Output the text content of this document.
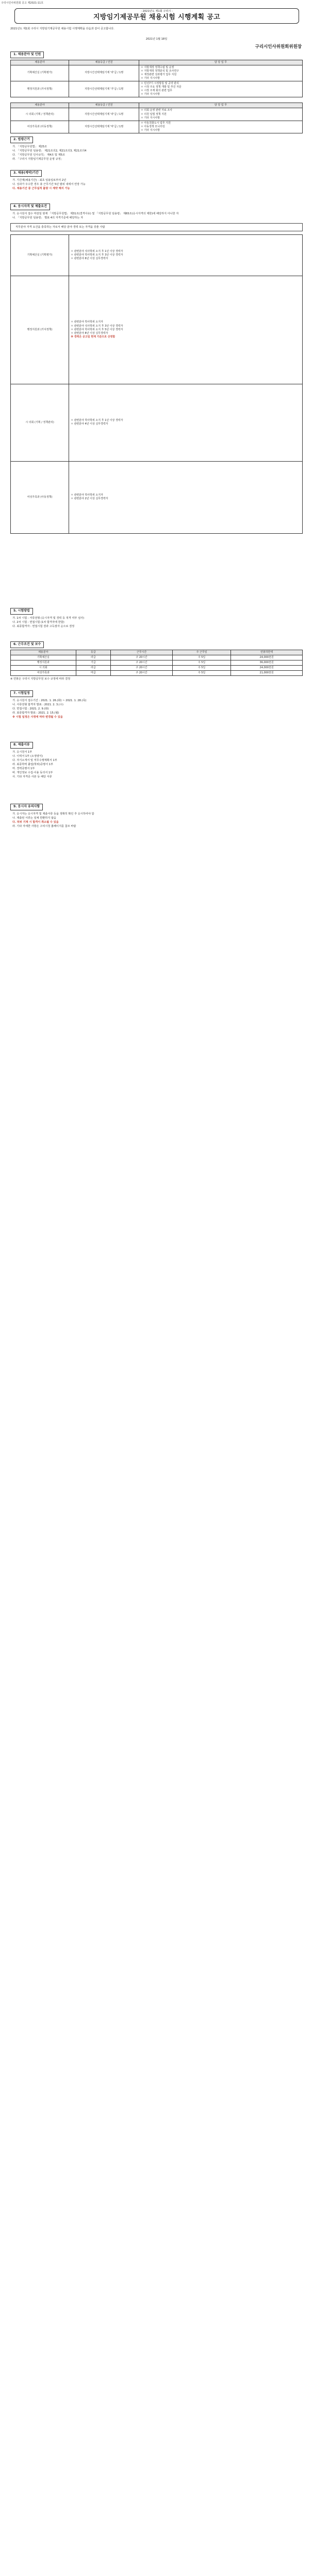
구리시인사위원회 공고 제2021-11호
- 2021년도 제1회 구리시 -
지방임기제공무원 채용시험 시행계획 공고

2021년도 제1회 구리시 지방임기제공무원 채용시험 시행계획을 다음과 같이 공고합니다.

2021년 1월 18일
구리시인사위원회위원장
1. 채용분야 및 인원
채용분야	채용등급 / 인원	담 당 업 무
기획예산실 (기획평가)	지방시간선택제임기제 '라'급 / 1명	ㅇ 지방재정 정책수립 및 운영
ㅇ 지방재정 정책분석 및 조사연구
ㅇ 재정관련 성과평가 업무 지원
ㅇ 기타 지시사항

행정지원과 (가치정책)	지방시간선택제임기제 '가'급 / 1명	ㅇ 민선7기 시정방침 및 공약 관리
ㅇ 시정 주요 정책 개발 및 추진 자문
ㅇ 시장 주재 회의 관련 업무
ㅇ 기타 지시사항
채용분야	채용등급 / 인원	담 당 업 무
시 의회 (기획 / 정책관리)	지방시간선택제임기제 '라'급 / 1명	ㅇ 의회 운영 관련 자료 조사
ㅇ 의원 입법 정책 지원
ㅇ 기타 지시사항

여성가족과 (아동정책)	지방시간선택제임기제 '마'급 / 1명	ㅇ 아동친화도시 업무 지원
ㅇ 아동정책 모니터링
ㅇ 기타 지시사항
2. 법령근거

가. 「지방공무원법」 제25조

나. 「지방공무원 임용령」 제21조의2, 제21조의3, 제21조의4

다. 「지방공무원 인사규칙」 제4조 및 제5조

라. 「구리시 지방임기제공무원 운영 규정」

3. 채용(계약)기간

가. 기간제(채용기간) : 최초 임용일로부터 2년

나. 성과가 우수한 경우 총 근무기간 5년 범위 내에서 연장 가능

다. 채용기간 중 근무실적 불량 시 계약 해지 가능

4. 응시자격 및 제출요건

가. 응시원서 접수 마감일 현재 「지방공무원법」 제31조(결격사유) 및 「지방공무원 임용령」 제65조(응시자격의 제한)에 해당하지 아니한 자

나. 「지방공무원 임용령」 별표 4의 자격기준에 해당하는 자

직무분야 자격 요건을 충족하는 자로서 해당 분야 경력 또는 자격을 갖춘 사람

기획예산실 (기획평가)	ㅇ 관련분야 석사학위 소지 후 1년 이상 경력자
ㅇ 관련분야 학사학위 소지 후 3년 이상 경력자
ㅇ 관련분야 6년 이상 실무경력자

행정지원과 (가치정책)	ㅇ 관련분야 박사학위 소지자
ㅇ 관련분야 석사학위 소지 후 3년 이상 경력자
ㅇ 관련분야 학사학위 소지 후 5년 이상 경력자
ㅇ 관련분야 8년 이상 실무경력자
※ 경력은 공고일 현재 기준으로 산정함

시 의회 (기획 / 정책관리)	ㅇ 관련분야 학사학위 소지 후 1년 이상 경력자
ㅇ 관련분야 4년 이상 실무경력자

여성가족과 (아동정책)	ㅇ 관련분야 학사학위 소지자
ㅇ 관련분야 2년 이상 실무경력자
5. 시험방법

가. 1차 시험 : 서류전형 (응시자격 및 경력 등 적격 여부 심사)

나. 2차 시험 : 면접시험 (1차 합격자에 한함)

다. 최종합격자 : 면접시험 결과 고득점자 순으로 결정

6. 근무조건 및 보수
채용분야	등급	근무시간	주 근무일	연봉하한액
기획예산실	라급	주 20시간	주 5일	24,000천원
행정지원과	가급	주 20시간	주 5일	36,000천원
시 의회	라급	주 20시간	주 5일	24,000천원
여성가족과	마급	주 20시간	주 5일	21,000천원

※ 연봉은 구리시 지방공무원 보수 규정에 따라 결정

7. 시험일정

가. 응시원서 접수기간 : 2021. 1. 26.(화) ~ 2021. 1. 28.(목)

나. 서류전형 합격자 발표 : 2021. 2. 3.(수)

다. 면접시험 : 2021. 2. 9.(화)

라. 최종합격자 발표 : 2021. 2. 15.(월)

※ 시험 일정은 사정에 따라 변경될 수 있음

8. 제출서류

가. 응시원서 1부

나. 이력서 1부 (소정양식)

다. 자기소개서 및 직무수행계획서 1부

라. 최종학력 졸업(학위)증명서 1부

마. 경력증명서 1부

바. 개인정보 수집·이용 동의서 1부

사. 기타 자격증 사본 등 해당 서류

9. 응시자 유의사항

가. 응시자는 응시자격 및 제출서류 등을 정확히 확인 후 응시하여야 함

나. 제출된 서류는 일체 반환하지 않음

다. 허위 기재 시 합격이 취소될 수 있음

라. 기타 자세한 사항은 구리시청 홈페이지를 참조 바람
